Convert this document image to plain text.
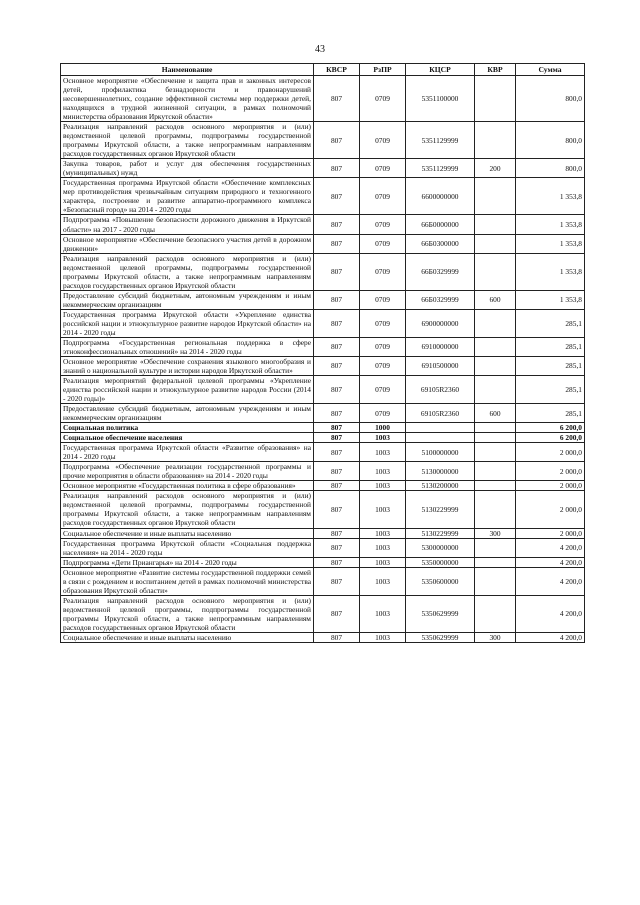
43
Наименование	КВСР	РзПР	КЦСР	КВР	Сумма
Основное мероприятие «Обеспечение и защита прав и законных интересов детей, профилактика безнадзорности и правонарушений несовершеннолетних, создание эффективной системы мер поддержки детей, находящихся в трудной жизненной ситуации, в рамках полномочий министерства образования Иркутской области»	807	0709	5351100000		800,0
Реализация направлений расходов основного мероприятия и (или) ведомственной целевой программы, подпрограммы государственной программы Иркутской области, а также непрограммным направлениям расходов государственных органов Иркутской области	807	0709	5351129999		800,0
Закупка товаров, работ и услуг для обеспечения государственных (муниципальных) нужд	807	0709	5351129999	200	800,0
Государственная программа Иркутской области «Обеспечение комплексных мер противодействия чрезвычайным ситуациям природного и техногенного характера, построение и развитие аппаратно-программного комплекса «Безопасный город» на 2014 - 2020 годы	807	0709	6600000000		1 353,8
Подпрограмма «Повышение безопасности дорожного движения в Иркутской области» на 2017 - 2020 годы	807	0709	66Б0000000		1 353,8
Основное мероприятие «Обеспечение безопасного участия детей в дорожном движении»	807	0709	66Б0300000		1 353,8
Реализация направлений расходов основного мероприятия и (или) ведомственной целевой программы, подпрограммы государственной программы Иркутской области, а также непрограммным направлениям расходов государственных органов Иркутской области	807	0709	66Б0329999		1 353,8
Предоставление субсидий бюджетным, автономным учреждениям и иным некоммерческим организациям	807	0709	66Б0329999	600	1 353,8
Государственная программа Иркутской области «Укрепление единства российской нации и этнокультурное развитие народов Иркутской области» на 2014 - 2020 годы	807	0709	6900000000		285,1
Подпрограмма «Государственная региональная поддержка в сфере этноконфессиональных отношений» на 2014 - 2020 годы	807	0709	6910000000		285,1
Основное мероприятие «Обеспечение сохранения языкового многообразия и знаний о национальной культуре и истории народов Иркутской области»	807	0709	6910500000		285,1
Реализация мероприятий федеральной целевой программы «Укрепление единства российской нации и этнокультурное развитие народов России (2014 - 2020 годы)»	807	0709	69105R2360		285,1
Предоставление субсидий бюджетным, автономным учреждениям и иным некоммерческим организациям	807	0709	69105R2360	600	285,1
Социальная политика	807	1000			6 200,0
Социальное обеспечение населения	807	1003			6 200,0
Государственная программа Иркутской области «Развитие образования» на 2014 - 2020 годы	807	1003	5100000000		2 000,0
Подпрограмма «Обеспечение реализации государственной программы и прочие мероприятия в области образования» на 2014 - 2020 годы	807	1003	5130000000		2 000,0
Основное мероприятие «Государственная политика в сфере образования»	807	1003	5130200000		2 000,0
Реализация направлений расходов основного мероприятия и (или) ведомственной целевой программы, подпрограммы государственной программы Иркутской области, а также непрограммным направлениям расходов государственных органов Иркутской области	807	1003	5130229999		2 000,0
Социальное обеспечение и иные выплаты населению	807	1003	5130229999	300	2 000,0
Государственная программа Иркутской области «Социальная поддержка населения» на 2014 - 2020 годы	807	1003	5300000000		4 200,0
Подпрограмма «Дети Приангарья» на 2014 - 2020 годы	807	1003	5350000000		4 200,0
Основное мероприятие «Развитие системы государственной поддержки семей в связи с рождением и воспитанием детей в рамках полномочий министерства образования Иркутской области»	807	1003	5350600000		4 200,0
Реализация направлений расходов основного мероприятия и (или) ведомственной целевой программы, подпрограммы государственной программы Иркутской области, а также непрограммным направлениям расходов государственных органов Иркутской области	807	1003	5350629999		4 200,0
Социальное обеспечение и иные выплаты населению	807	1003	5350629999	300	4 200,0
